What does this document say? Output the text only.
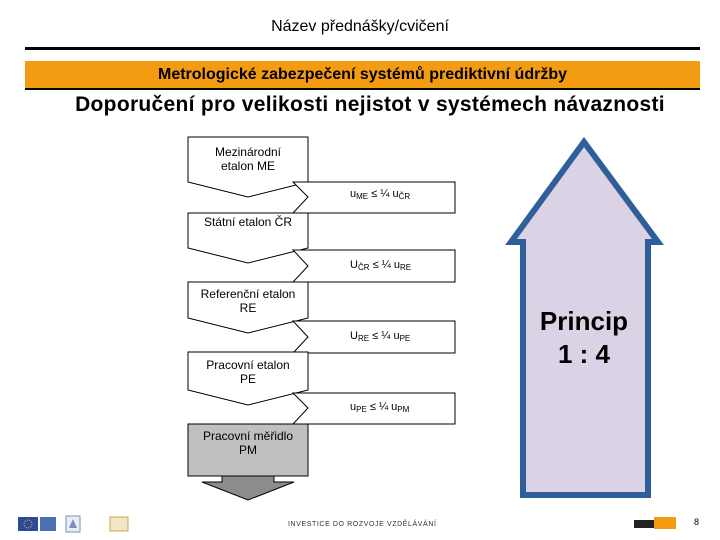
Název přednášky/cvičení
Metrologické zabezpečení systémů prediktivní údržby
Doporučení pro velikosti nejistot v systémech návaznosti
Mezinárodní
etalon ME
Státní etalon ČR
Referenční etalon
RE
Pracovní etalon
PE
Pracovní měřidlo
PM
$u_{ME}$ ≤ ¼ $u_{ČR}$
$U_{ČR}$ ≤ ¼ $u_{RE}$
$U_{RE}$ ≤ ¼ $u_{PE}$
$u_{PE}$ ≤ ¼ $u_{PM}$
Princip
1 : 4
INVESTICE DO ROZVOJE VZDĚLÁVÁNÍ	8
